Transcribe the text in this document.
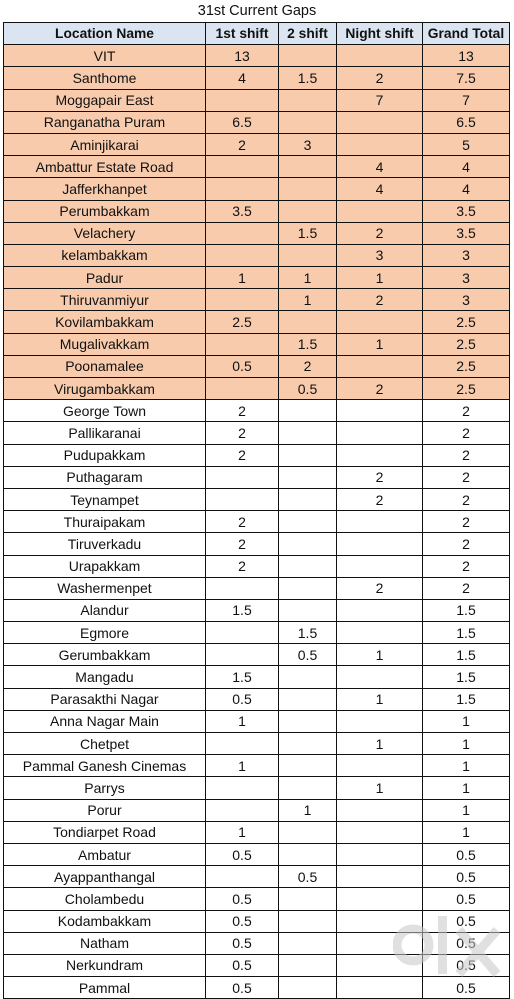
31st Current Gaps
Location Name	1st shift	2 shift	Night shift	Grand Total
VIT	13			13
Santhome	4	1.5	2	7.5
Moggapair East			7	7
Ranganatha Puram	6.5			6.5
Aminjikarai	2	3		5
Ambattur Estate Road			4	4
Jafferkhanpet			4	4
Perumbakkam	3.5			3.5
Velachery		1.5	2	3.5
kelambakkam			3	3
Padur	1	1	1	3
Thiruvanmiyur		1	2	3
Kovilambakkam	2.5			2.5
Mugalivakkam		1.5	1	2.5
Poonamalee	0.5	2		2.5
Virugambakkam		0.5	2	2.5
George Town	2			2
Pallikaranai	2			2
Pudupakkam	2			2
Puthagaram			2	2
Teynampet			2	2
Thuraipakam	2			2
Tiruverkadu	2			2
Urapakkam	2			2
Washermenpet			2	2
Alandur	1.5			1.5
Egmore		1.5		1.5
Gerumbakkam		0.5	1	1.5
Mangadu	1.5			1.5
Parasakthi Nagar	0.5		1	1.5
Anna Nagar Main	1			1
Chetpet			1	1
Pammal Ganesh Cinemas	1			1
Parrys			1	1
Porur		1		1
Tondiarpet Road	1			1
Ambatur	0.5			0.5
Ayappanthangal		0.5		0.5
Cholambedu	0.5			0.5
Kodambakkam	0.5			0.5
Natham	0.5			0.5
Nerkundram	0.5			0.5
Pammal	0.5			0.5
